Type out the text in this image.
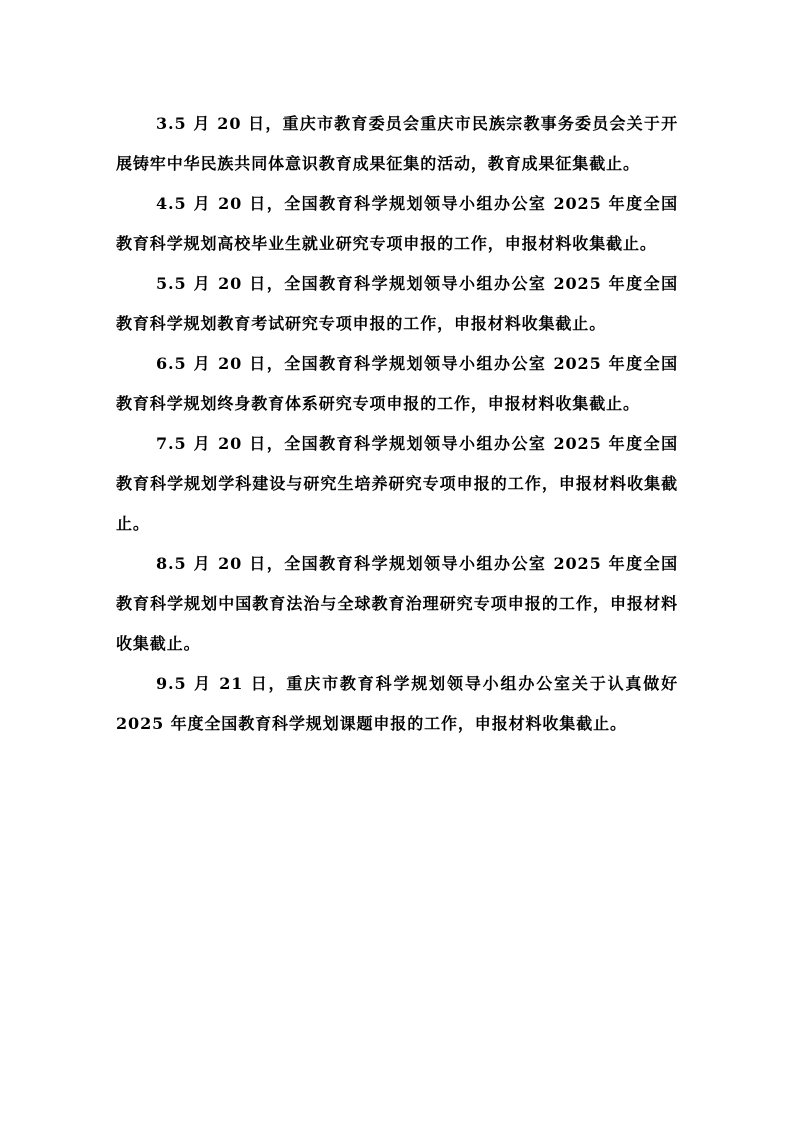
3.5 月 20 日，重庆市教育委员会重庆市民族宗教事务委员会关于开展铸牢中华民族共同体意识教育成果征集的活动，教育成果征集截止。

4.5 月 20 日，全国教育科学规划领导小组办公室 2025 年度全国教育科学规划高校毕业生就业研究专项申报的工作，申报材料收集截止。

5.5 月 20 日，全国教育科学规划领导小组办公室 2025 年度全国教育科学规划教育考试研究专项申报的工作，申报材料收集截止。

6.5 月 20 日，全国教育科学规划领导小组办公室 2025 年度全国教育科学规划终身教育体系研究专项申报的工作，申报材料收集截止。

7.5 月 20 日，全国教育科学规划领导小组办公室 2025 年度全国教育科学规划学科建设与研究生培养研究专项申报的工作，申报材料收集截止。

8.5 月 20 日，全国教育科学规划领导小组办公室 2025 年度全国教育科学规划中国教育法治与全球教育治理研究专项申报的工作，申报材料收集截止。

9.5 月 21 日，重庆市教育科学规划领导小组办公室关于认真做好 2025 年度全国教育科学规划课题申报的工作，申报材料收集截止。
